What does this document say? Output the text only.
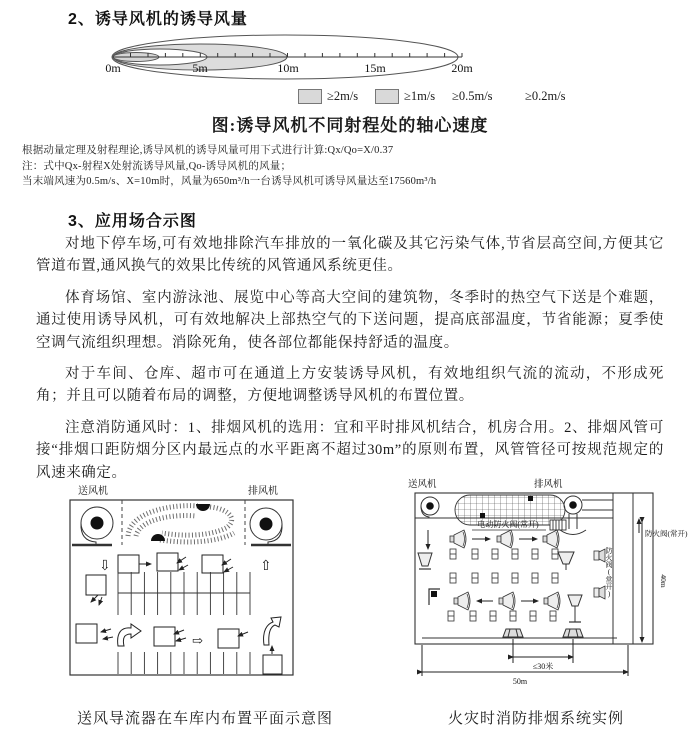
2、诱导风机的诱导风量
0m	5m	10m	15m	20m
≥2m/s	≥1m/s ≥0.5m/s	≥0.2m/s
图:诱导风机不同射程处的轴心速度
根据动量定理及射程理论,诱导风机的诱导风量可用下式进行计算:Qx/Qo=X/0.37
注：式中Qx-射程X处射流诱导风量,Qo-诱导风机的风量；
当末端风速为0.5m/s、X=10m时，风量为650m³/h一台诱导风机可诱导风量达至17560m³/h
3、应用场合示图

对地下停车场,可有效地排除汽车排放的一氧化碳及其它污染气体,节省层高空间,方便其它管道布置,通风换气的效果比传统的风管通风系统更佳。

体育场馆、室内游泳池、展览中心等高大空间的建筑物，冬季时的热空气下送是个难题，通过使用诱导风机，可有效地解决上部热空气的下送问题，提高底部温度，节省能源；夏季使空调气流组织理想。消除死角，使各部位都能保持舒适的温度。

对于车间、仓库、超市可在通道上方安装诱导风机，有效地组织气流的流动，不形成死角；并且可以随着布局的调整，方便地调整诱导风机的布置位置。

注意消防通风时：1、排烟风机的选用：宜和平时排风机结合，机房合用。2、排烟风管可接“排烟口距防烟分区内最远点的水平距离不超过30m”的原则布置，风管管径可按规范规定的风速来确定。

送风机	排风机
⇩	⇧
⇨
送风机	排风机
电动防火阀(常开)
防火阀(常开)
防火阀(常开)	40m
≤30米
50m
送风导流器在车库内布置平面示意图	火灾时消防排烟系统实例
